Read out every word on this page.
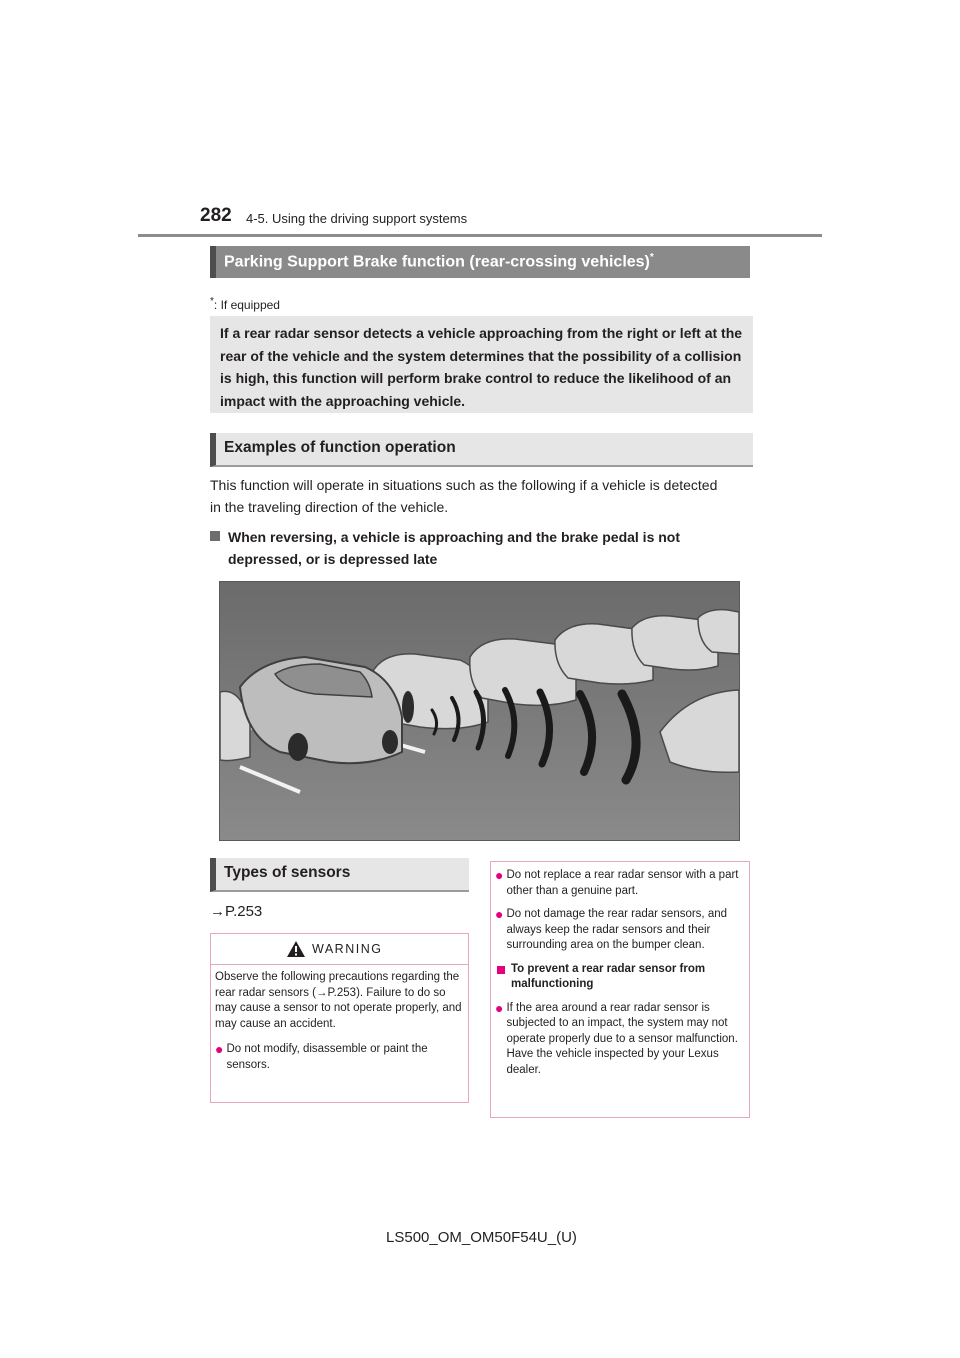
282 4-5. Using the driving support systems
Parking Support Brake function (rear-crossing vehicles)*
*: If equipped
If a rear radar sensor detects a vehicle approaching from the right or left at the rear of the vehicle and the system determines that the possibility of a collision is high, this function will perform brake control to reduce the likelihood of an impact with the approaching vehicle.
Examples of function operation
This function will operate in situations such as the following if a vehicle is detected
in the traveling direction of the vehicle.
When reversing, a vehicle is approaching and the brake pedal is not
depressed, or is depressed late
Types of sensors
→P.253
WARNING
Observe the following precautions regarding the rear radar sensors (→P.253). Failure to do so may cause a sensor to not operate properly, and may cause an accident.
● Do not modify, disassemble or paint the sensors.
● Do not replace a rear radar sensor with a part other than a genuine part.
● Do not damage the rear radar sensors, and always keep the radar sensors and their surrounding area on the bumper clean.
To prevent a rear radar sensor from malfunctioning
● If the area around a rear radar sensor is subjected to an impact, the system may not operate properly due to a sensor malfunction. Have the vehicle inspected by your Lexus dealer.
LS500_OM_OM50F54U_(U)
